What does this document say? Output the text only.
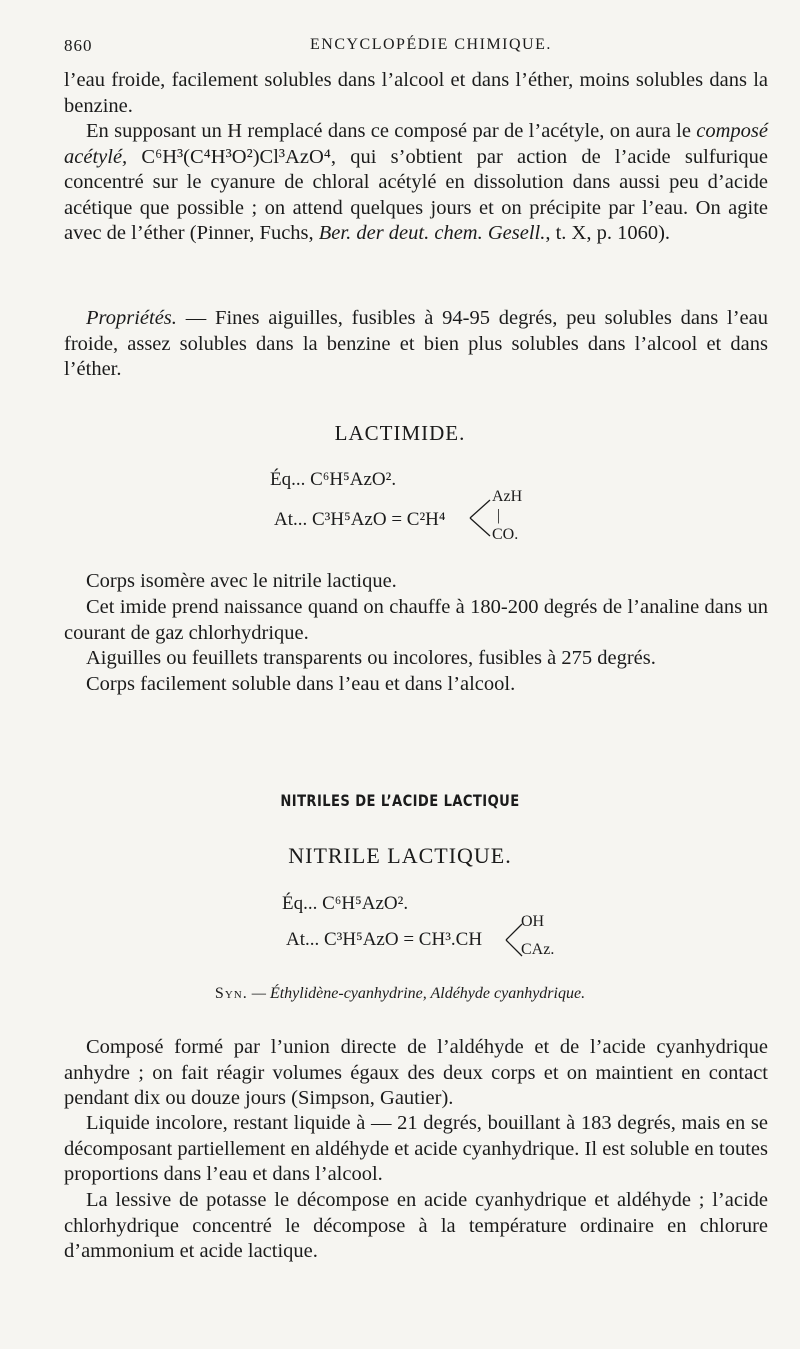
860	ENCYCLOPÉDIE CHIMIQUE.

l’eau froide, facilement solubles dans l’alcool et dans l’éther, moins solubles dans la benzine.

En supposant un H remplacé dans ce composé par de l’acétyle, on aura le composé acétylé, C⁶H³(C⁴H³O²)Cl³AzO⁴, qui s’obtient par action de l’acide sulfurique concentré sur le cyanure de chloral acétylé en dissolution dans aussi peu d’acide acétique que possible ; on attend quelques jours et on précipite par l’eau. On agite avec de l’éther (Pinner, Fuchs, Ber. der deut. chem. Gesell., t. X, p. 1060).

Propriétés. — Fines aiguilles, fusibles à 94-95 degrés, peu solubles dans l’eau froide, assez solubles dans la benzine et bien plus solubles dans l’alcool et dans l’éther.

LACTIMIDE.
Éq... C⁶H⁵AzO².
At... C³H⁵AzO = C²H⁴
AzH
|
CO.

Corps isomère avec le nitrile lactique.

Cet imide prend naissance quand on chauffe à 180-200 degrés de l’analine dans un courant de gaz chlorhydrique.

Aiguilles ou feuillets transparents ou incolores, fusibles à 275 degrés.

Corps facilement soluble dans l’eau et dans l’alcool.

NITRILES DE L’ACIDE LACTIQUE
NITRILE LACTIQUE.
Éq... C⁶H⁵AzO².
At... C³H⁵AzO = CH³.CH
OH
CAz.
Syn. — Éthylidène-cyanhydrine, Aldéhyde cyanhydrique.

Composé formé par l’union directe de l’aldéhyde et de l’acide cyanhydrique anhydre ; on fait réagir volumes égaux des deux corps et on maintient en contact pendant dix ou douze jours (Simpson, Gautier).

Liquide incolore, restant liquide à — 21 degrés, bouillant à 183 degrés, mais en se décomposant partiellement en aldéhyde et acide cyanhydrique. Il est soluble en toutes proportions dans l’eau et dans l’alcool.

La lessive de potasse le décompose en acide cyanhydrique et aldéhyde ; l’acide chlorhydrique concentré le décompose à la température ordinaire en chlorure d’ammonium et acide lactique.
